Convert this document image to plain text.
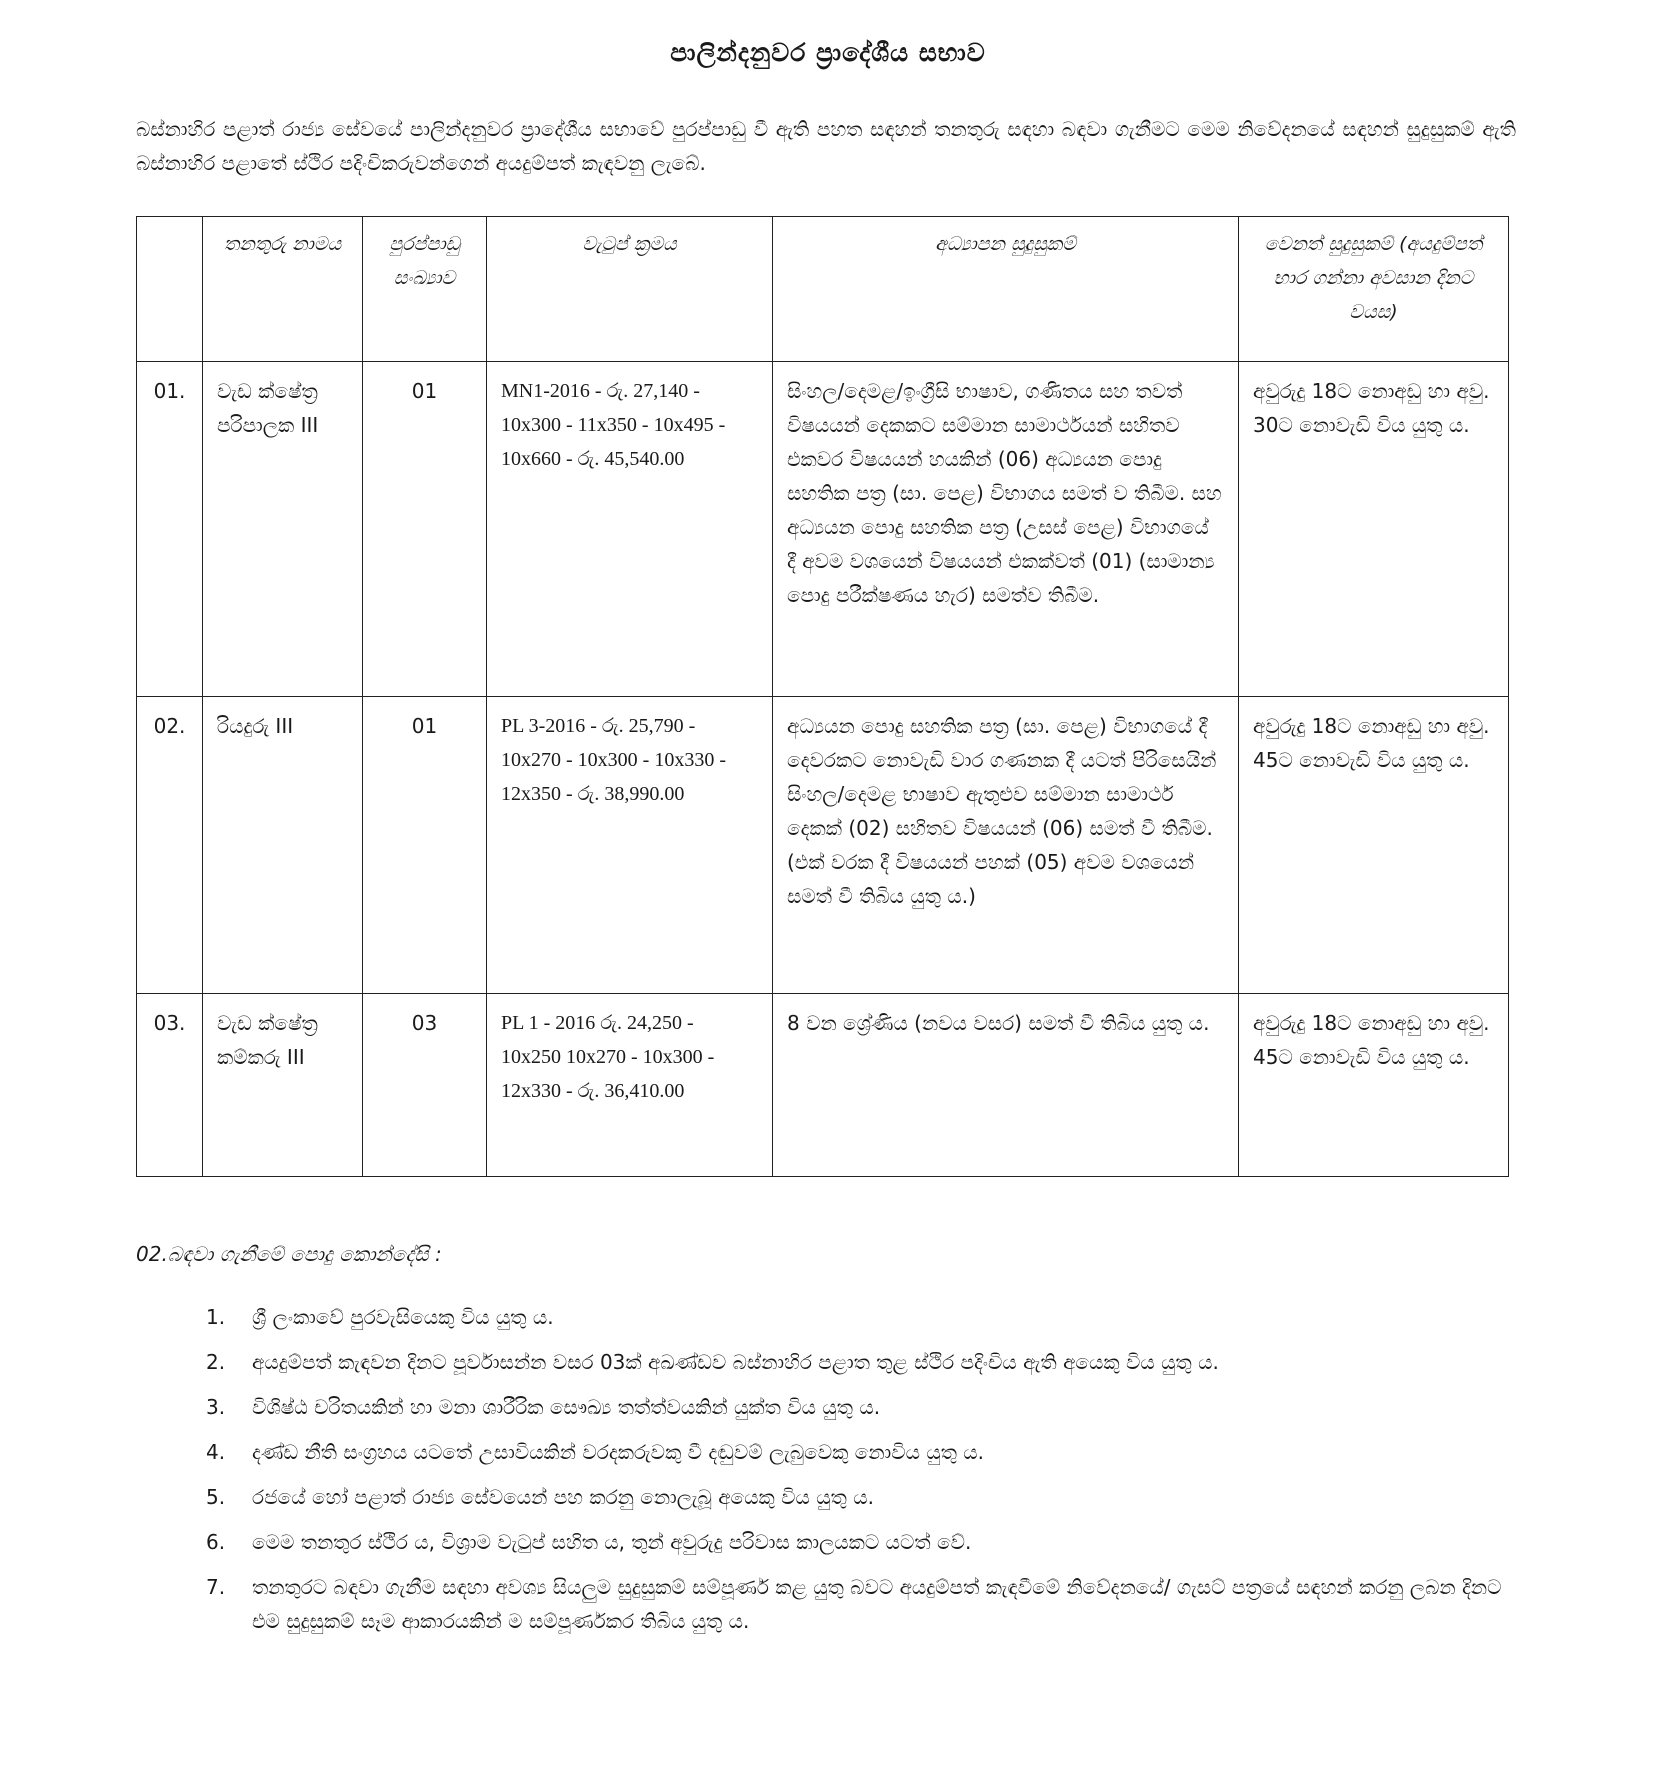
පාලින්දනුවර ප්‍රාදේශීය සභාව

බස්නාහිර පළාත් රාජ්‍ය සේවයේ පාලින්දනුවර ප්‍රාදේශීය සභාවේ පුරප්පාඩු වී ඇති පහත සඳහන් තනතුරු සඳහා බඳවා ගැනීමට මෙම නිවේදනයේ සඳහන් සුදුසුකම් ඇති බස්නාහිර පළාතේ ස්ථිර පදිංචිකරුවන්ගෙන් අයදුම්පත් කැඳවනු ලැබේ.

	තනතුරු නාමය	පුරප්පාඩු සංඛ්‍යාව	වැටුප් ක්‍රමය	අධ්‍යාපන සුදුසුකම්	වෙනත් සුදුසුකම් (අයදුම්පත් භාර ගන්නා අවසාන දිනට වයස)
01.	වැඩ ක්ෂේත්‍ර පරිපාලක III	01	MN1-2016 - රු. 27,140 - 10x300 - 11x350 - 10x495 - 10x660 - රු. 45,540.00	සිංහල/දෙමළ/ඉංග්‍රීසි භාෂාව, ගණිතය සහ තවත් විෂයයන් දෙකකට සම්මාන සාමාර්ථයන් සහිතව එකවර විෂයයන් හයකින් (06) අධ්‍යයන පොදු සහතික පත්‍ර (සා. පෙළ) විභාගය සමත් ව තිබීම. සහ අධ්‍යයන පොදු සහතික පත්‍ර (උසස් පෙළ) විභාගයේ දී අවම වශයෙන් විෂයයන් එකක්වත් (01) (සාමාන්‍ය පොදු පරීක්ෂණය හැර) සමත්ව තිබීම.	අවුරුදු 18ට නොඅඩු හා අවු. 30ට නොවැඩි විය යුතු ය.
02.	රියදුරු III	01	PL 3-2016 - රු. 25,790 - 10x270 - 10x300 - 10x330 - 12x350 - රු. 38,990.00	අධ්‍යයන පොදු සහතික පත්‍ර (සා. පෙළ) විභාගයේ දී දෙවරකට නොවැඩි වාර ගණනක දී යටත් පිරිසෙයින් සිංහල/දෙමළ භාෂාව ඇතුළුව සම්මාන සාමාර්ථ දෙකක් (02) සහිතව විෂයයන් (06) සමත් වී තිබීම. (එක් වරක දී විෂයයන් පහක් (05) අවම වශයෙන් සමත් වී තිබිය යුතු ය.)	අවුරුදු 18ට නොඅඩු හා අවු. 45ට නොවැඩි විය යුතු ය.
03.	වැඩ ක්ෂේත්‍ර කම්කරු III	03	PL 1 - 2016 රු. 24,250 - 10x250 10x270 - 10x300 - 12x330 - රු. 36,410.00	8 වන ශ්‍රේණිය (නවය වසර) සමත් වී තිබිය යුතු ය.	අවුරුදු 18ට නොඅඩු හා අවු. 45ට නොවැඩි විය යුතු ය.
02.බඳවා ගැනීමේ පොදු කොන්දේසි :
1.	ශ්‍රී ලංකාවේ පුරවැසියෙකු විය යුතු ය.
2.	අයදුම්පත් කැඳවන දිනට පූර්වාසන්න වසර 03ක් අඛණ්ඩව බස්නාහිර පළාත තුළ ස්ථිර පදිංචිය ඇති අයෙකු විය යුතු ය.
3.	විශිෂ්ඨ චරිතයකින් හා මනා ශාරීරික සෞඛ්‍ය තත්ත්වයකින් යුක්ත විය යුතු ය.
4.	දණ්ඩ නීති සංග්‍රහය යටතේ උසාවියකින් වරදකරුවකු වී දඬුවම් ලැබුවෙකු නොවිය යුතු ය.
5.	රජයේ හෝ පළාත් රාජ්‍ය සේවයෙන් පහ කරනු නොලැබූ අයෙකු විය යුතු ය.
6.	මෙම තනතුර ස්ථිර ය, විශ්‍රාම වැටුප් සහිත ය, තුන් අවුරුදු පරිවාස කාලයකට යටත් වේ.
7.	තනතුරට බඳවා ගැනීම සඳහා අවශ්‍ය සියලුම සුදුසුකම් සම්පූර්ණ කළ යුතු බවට අයදුම්පත් කැඳවීමේ නිවේදනයේ/ ගැසට් පත්‍රයේ සඳහන් කරනු ලබන දිනට එම සුදුසුකම් සෑම ආකාරයකින් ම සම්පූර්ණකර තිබිය යුතු ය.
